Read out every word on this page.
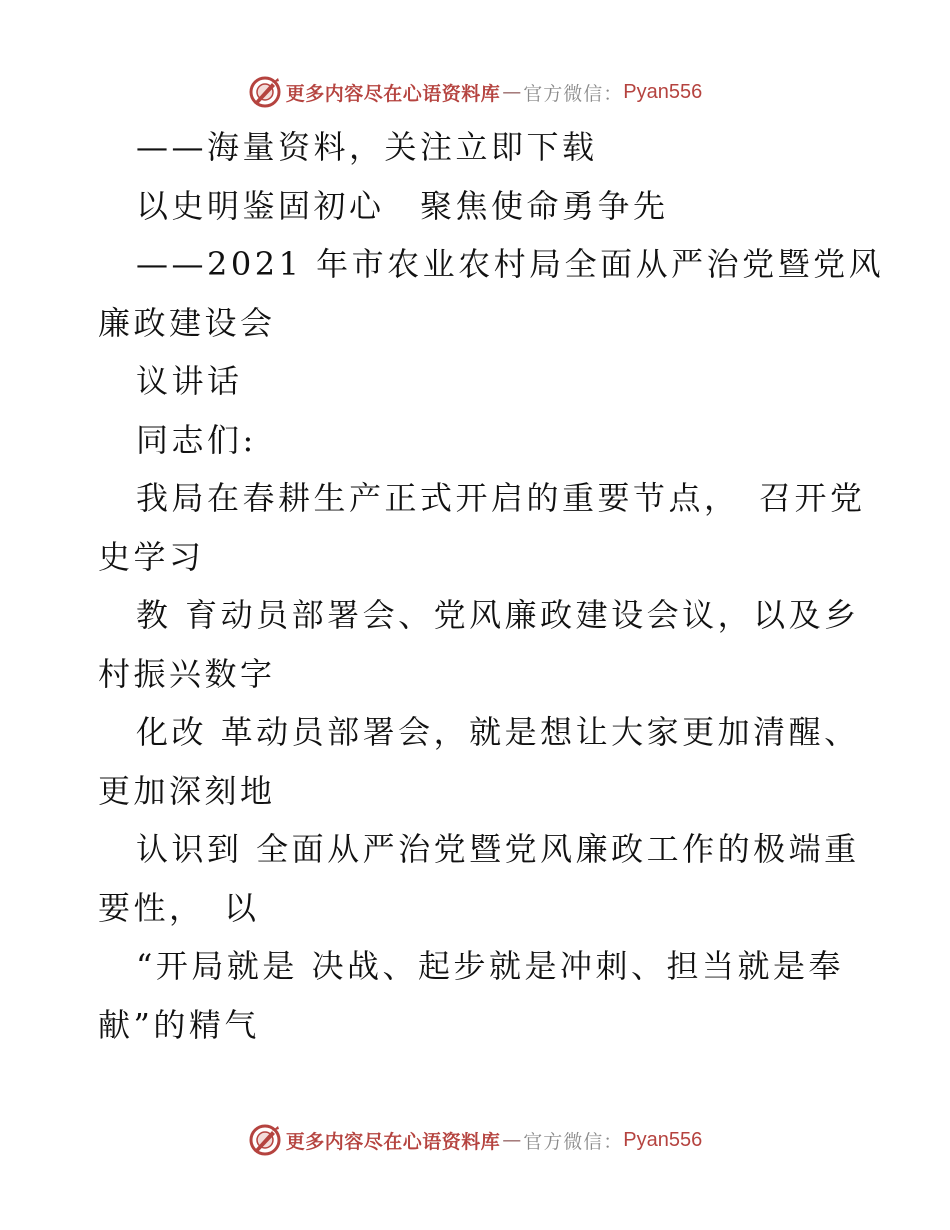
更多内容尽在心语资料库 — 官方微信： Pyan556
——海量资料，关注立即下载
以史明鉴固初心　聚焦使命勇争先
——2021 年市农业农村局全面从严治党暨党风
廉政建设会
议讲话
同志们:
我局在春耕生产正式开启的重要节点，　召开党
史学习
教 育动员部署会、党风廉政建设会议，以及乡
村振兴数字
化改 革动员部署会，就是想让大家更加清醒、
更加深刻地
认识到 全面从严治党暨党风廉政工作的极端重
要性，　以
“开局就是 决战、起步就是冲刺、担当就是奉
献”的精气
更多内容尽在心语资料库 — 官方微信： Pyan556
